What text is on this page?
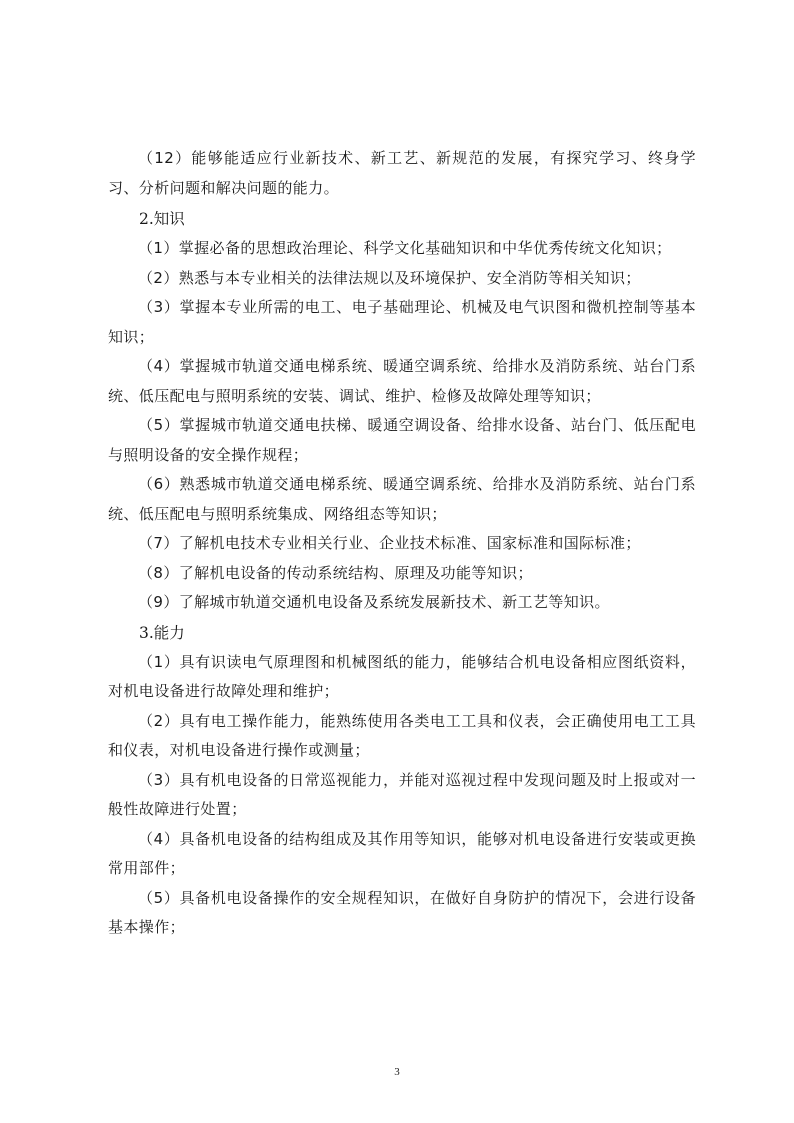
（12）能够能适应行业新技术、新工艺、新规范的发展，有探究学习、终身学习、分析问题和解决问题的能力。

2.知识

（1）掌握必备的思想政治理论、科学文化基础知识和中华优秀传统文化知识；

（2）熟悉与本专业相关的法律法规以及环境保护、安全消防等相关知识；

（3）掌握本专业所需的电工、电子基础理论、机械及电气识图和微机控制等基本知识；

（4）掌握城市轨道交通电梯系统、暖通空调系统、给排水及消防系统、站台门系统、低压配电与照明系统的安装、调试、维护、检修及故障处理等知识；

（5）掌握城市轨道交通电扶梯、暖通空调设备、给排水设备、站台门、低压配电与照明设备的安全操作规程；

（6）熟悉城市轨道交通电梯系统、暖通空调系统、给排水及消防系统、站台门系统、低压配电与照明系统集成、网络组态等知识；

（7）了解机电技术专业相关行业、企业技术标准、国家标准和国际标准；

（8）了解机电设备的传动系统结构、原理及功能等知识；

（9）了解城市轨道交通机电设备及系统发展新技术、新工艺等知识。

3.能力

（1）具有识读电气原理图和机械图纸的能力，能够结合机电设备相应图纸资料，对机电设备进行故障处理和维护；

（2）具有电工操作能力，能熟练使用各类电工工具和仪表，会正确使用电工工具和仪表，对机电设备进行操作或测量；

（3）具有机电设备的日常巡视能力，并能对巡视过程中发现问题及时上报或对一般性故障进行处置；

（4）具备机电设备的结构组成及其作用等知识，能够对机电设备进行安装或更换常用部件；

（5）具备机电设备操作的安全规程知识，在做好自身防护的情况下，会进行设备基本操作；

3
